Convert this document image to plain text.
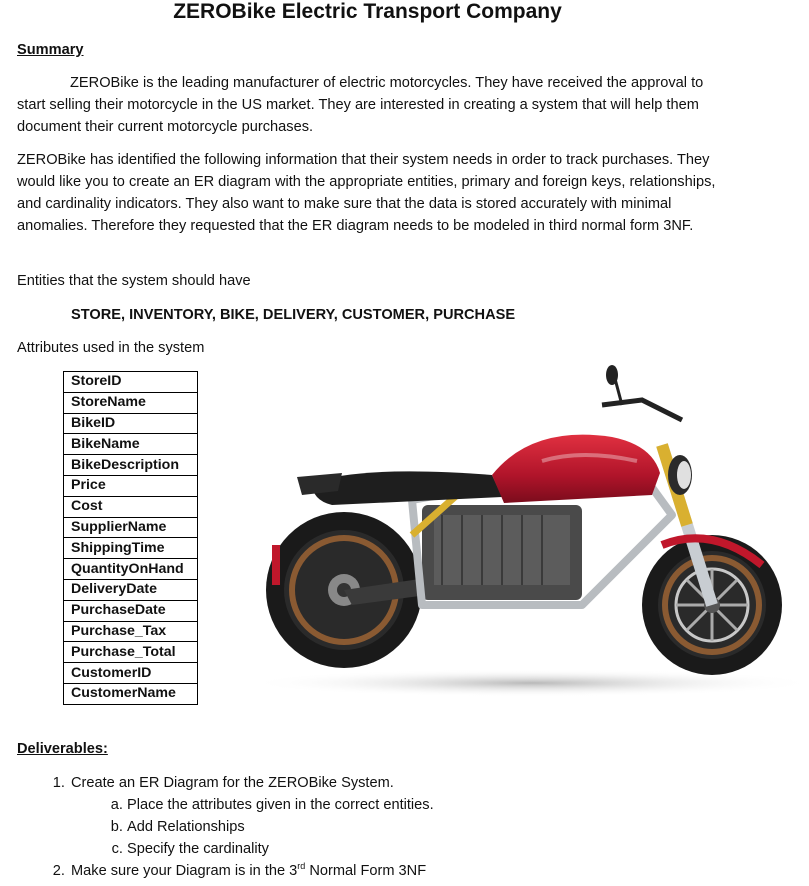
ZEROBike Electric Transport Company
Summary

ZEROBike is the leading manufacturer of electric motorcycles. They have received the approval to start selling their motorcycle in the US market. They are interested in creating a system that will help them document their current motorcycle purchases.

ZEROBike has identified the following information that their system needs in order to track purchases. They would like you to create an ER diagram with the appropriate entities, primary and foreign keys, relationships, and cardinality indicators. They also want to make sure that the data is stored accurately with minimal anomalies. Therefore they requested that the ER diagram needs to be modeled in third normal form 3NF.

Entities that the system should have

STORE, INVENTORY, BIKE, DELIVERY, CUSTOMER, PURCHASE

Attributes used in the system

StoreID
StoreName
BikeID
BikeName
BikeDescription
Price
Cost
SupplierName
ShippingTime
QuantityOnHand
DeliveryDate
PurchaseDate
Purchase_Tax
Purchase_Total
CustomerID
CustomerName
Deliverables:
1. Create an ER Diagram for the ZEROBike System.
a. Place the attributes given in the correct entities.
b. Add Relationships
c. Specify the cardinality
2. Make sure your Diagram is in the 3rd Normal Form 3NF
